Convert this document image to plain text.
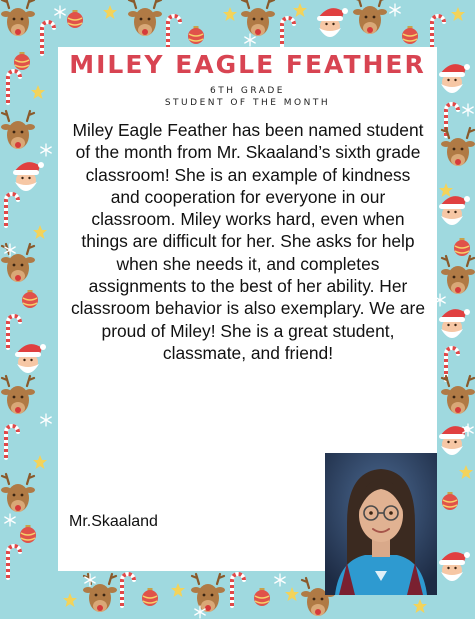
MILEY EAGLE FEATHER
6TH GRADE
STUDENT OF THE MONTH
Miley Eagle Feather has been named student of the month from Mr. Skaaland’s sixth grade classroom! She is an example of kindness and cooperation for everyone in our classroom. Miley works hard, even when things are difficult for her. She asks for help when she needs it, and completes assignments to the best of her ability. Her classroom behavior is also exemplary. We are proud of Miley! She is a great student, classmate, and friend!
Mr.Skaaland
